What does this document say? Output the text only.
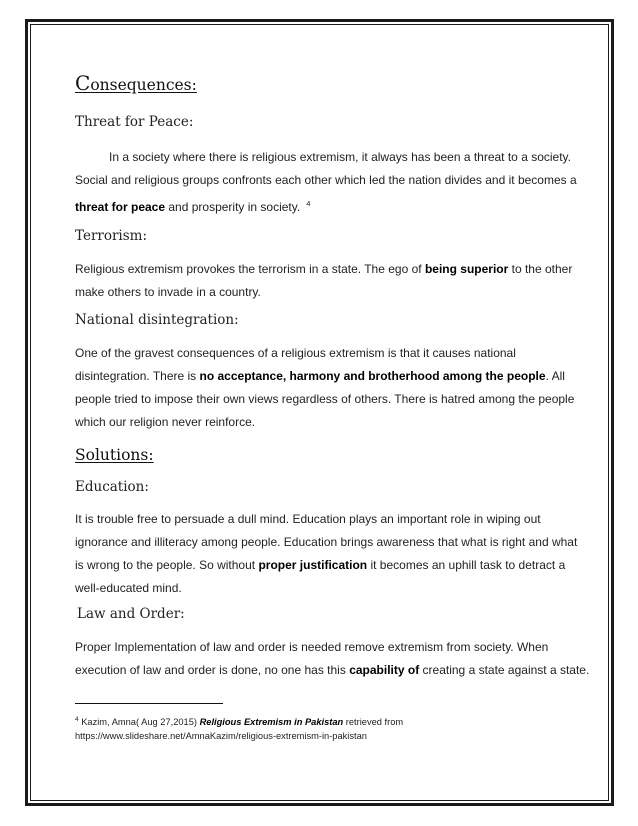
Consequences:
Threat for Peace:

In a society where there is religious extremism, it always has been a threat to a society.

Social and religious groups confronts each other which led the nation divides and it becomes a

threat for peace and prosperity in society. $^4$

Terrorism:

Religious extremism provokes the terrorism in a state. The ego of being superior to the other

make others to invade in a country.

National disintegration:

One of the gravest consequences of a religious extremism is that it causes national

disintegration. There is no acceptance, harmony and brotherhood among the people. All

people tried to impose their own views regardless of others. There is hatred among the people

which our religion never reinforce.

Solutions:
Education:

It is trouble free to persuade a dull mind. Education plays an important role in wiping out

ignorance and illiteracy among people. Education brings awareness that what is right and what

is wrong to the people. So without proper justification it becomes an uphill task to detract a

well-educated mind.

Law and Order:

Proper Implementation of law and order is needed remove extremism from society. When

execution of law and order is done, no one has this capability of creating a state against a state.

$^4$ Kazim, Amna( Aug 27,2015) Religious Extremism in Pakistan retrieved from
https://www.slideshare.net/AmnaKazim/religious-extremism-in-pakistan
